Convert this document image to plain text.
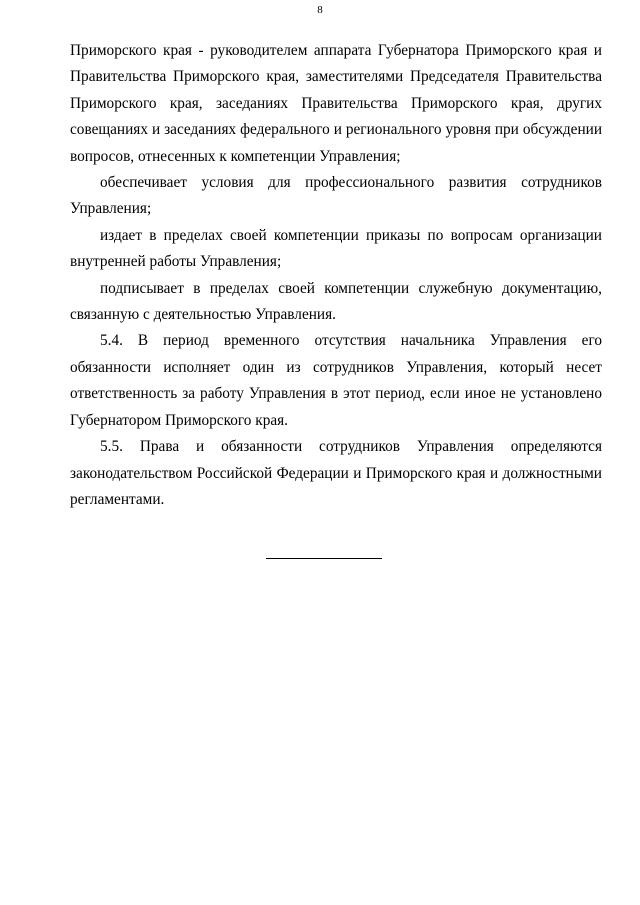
8
Приморского края - руководителем аппарата Губернатора Приморского края и
Правительства Приморского края, заместителями Председателя Правительства
Приморского края, заседаниях Правительства Приморского края, других
совещаниях и заседаниях федерального и регионального уровня при обсуждении
вопросов, отнесенных к компетенции Управления;
обеспечивает условия для профессионального развития сотрудников
Управления;
издает в пределах своей компетенции приказы по вопросам организации
внутренней работы Управления;
подписывает в пределах своей компетенции служебную документацию,
связанную с деятельностью Управления.
5.4. В период временного отсутствия начальника Управления его
обязанности исполняет один из сотрудников Управления, который несет
ответственность за работу Управления в этот период, если иное не установлено
Губернатором Приморского края.
5.5. Права и обязанности сотрудников Управления определяются
законодательством Российской Федерации и Приморского края и должностными
регламентами.
